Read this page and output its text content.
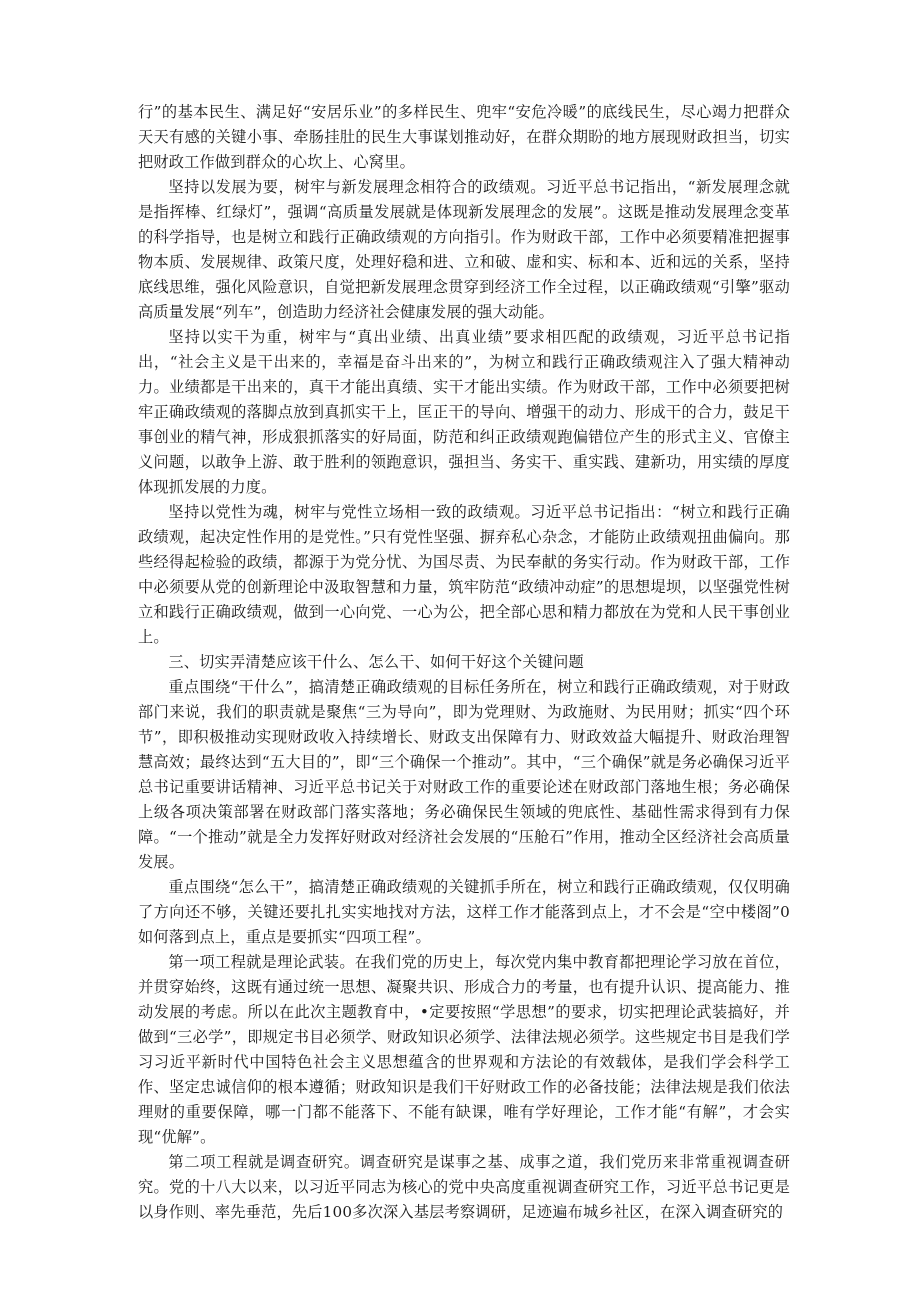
行”的基本民生、满足好“安居乐业”的多样民生、兜牢“安危冷暖”的底线民生，尽心竭力把群众天天有感的关键小事、牵肠挂肚的民生大事谋划推动好，在群众期盼的地方展现财政担当，切实把财政工作做到群众的心坎上、心窝里。

坚持以发展为要，树牢与新发展理念相符合的政绩观。习近平总书记指出，“新发展理念就是指挥棒、红绿灯”，强调“高质量发展就是体现新发展理念的发展”。这既是推动发展理念变革的科学指导，也是树立和践行正确政绩观的方向指引。作为财政干部，工作中必须要精准把握事物本质、发展规律、政策尺度，处理好稳和进、立和破、虚和实、标和本、近和远的关系，坚持底线思维，强化风险意识，自觉把新发展理念贯穿到经济工作全过程，以正确政绩观“引擎”驱动高质量发展“列车”，创造助力经济社会健康发展的强大动能。

坚持以实干为重，树牢与“真出业绩、出真业绩”要求相匹配的政绩观，习近平总书记指出，“社会主义是干出来的，幸福是奋斗出来的”，为树立和践行正确政绩观注入了强大精神动力。业绩都是干出来的，真干才能出真绩、实干才能出实绩。作为财政干部，工作中必须要把树牢正确政绩观的落脚点放到真抓实干上，匡正干的导向、增强干的动力、形成干的合力，鼓足干事创业的精气神，形成狠抓落实的好局面，防范和纠正政绩观跑偏错位产生的形式主义、官僚主义问题，以敢争上游、敢于胜利的领跑意识，强担当、务实干、重实践、建新功，用实绩的厚度体现抓发展的力度。

坚持以党性为魂，树牢与党性立场相一致的政绩观。习近平总书记指出：“树立和践行正确政绩观，起决定性作用的是党性。”只有党性坚强、摒弃私心杂念，才能防止政绩观扭曲偏向。那些经得起检验的政绩，都源于为党分忧、为国尽责、为民奉献的务实行动。作为财政干部，工作中必须要从党的创新理论中汲取智慧和力量，筑牢防范“政绩冲动症”的思想堤坝，以坚强党性树立和践行正确政绩观，做到一心向党、一心为公，把全部心思和精力都放在为党和人民干事创业上。

三、切实弄清楚应该干什么、怎么干、如何干好这个关键问题

重点围绕“干什么”，搞清楚正确政绩观的目标任务所在，树立和践行正确政绩观，对于财政部门来说，我们的职责就是聚焦“三为导向”，即为党理财、为政施财、为民用财；抓实“四个环节”，即积极推动实现财政收入持续增长、财政支出保障有力、财政效益大幅提升、财政治理智慧高效；最终达到“五大目的”，即“三个确保一个推动”。其中，“三个确保”就是务必确保习近平总书记重要讲话精神、习近平总书记关于对财政工作的重要论述在财政部门落地生根；务必确保上级各项决策部署在财政部门落实落地；务必确保民生领域的兜底性、基础性需求得到有力保障。“一个推动”就是全力发挥好财政对经济社会发展的“压舱石”作用，推动全区经济社会高质量发展。

重点围绕“怎么干”，搞清楚正确政绩观的关键抓手所在，树立和践行正确政绩观，仅仅明确了方向还不够，关键还要扎扎实实地找对方法，这样工作才能落到点上，才不会是“空中楼阁”0如何落到点上，重点是要抓实“四项工程”。

第一项工程就是理论武装。在我们党的历史上，每次党内集中教育都把理论学习放在首位，并贯穿始终，这既有通过统一思想、凝聚共识、形成合力的考量，也有提升认识、提高能力、推动发展的考虑。所以在此次主题教育中，•定要按照“学思想”的要求，切实把理论武装搞好，并做到“三必学”，即规定书目必须学、财政知识必须学、法律法规必须学。这些规定书目是我们学习习近平新时代中国特色社会主义思想蕴含的世界观和方法论的有效载体，是我们学会科学工作、坚定忠诚信仰的根本遵循；财政知识是我们干好财政工作的必备技能；法律法规是我们依法理财的重要保障，哪一门都不能落下、不能有缺课，唯有学好理论，工作才能“有解”，才会实现“优解”。

第二项工程就是调查研究。调查研究是谋事之基、成事之道，我们党历来非常重视调查研究。党的十八大以来，以习近平同志为核心的党中央高度重视调查研究工作，习近平总书记更是以身作则、率先垂范，先后100多次深入基层考察调研，足迹遍布城乡社区，在深入调查研究的
